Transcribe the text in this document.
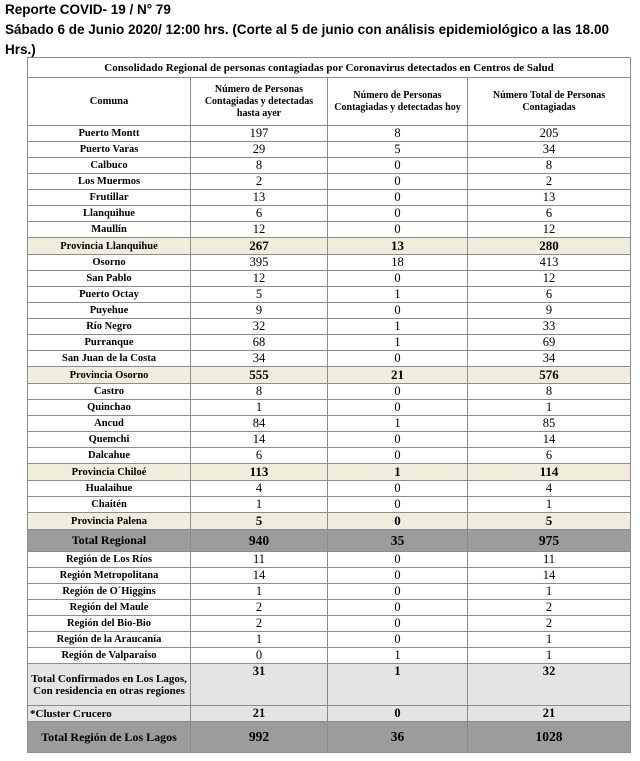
Reporte COVID- 19 / N° 79
Sábado 6 de Junio 2020/ 12:00 hrs. (Corte al 5 de junio con análisis epidemiológico a las 18.00 Hrs.)
Consolidado Regional de personas contagiadas por Coronavirus detectados en Centros de Salud			
Comuna	Número de Personas Contagiadas y detectadas hasta ayer	Número de Personas Contagiadas y detectadas hoy	Número Total de Personas Contagiadas
Puerto Montt	197	8	205
Puerto Varas	29	5	34
Calbuco	8	0	8
Los Muermos	2	0	2
Frutillar	13	0	13
Llanquihue	6	0	6
Maullín	12	0	12
Provincia Llanquihue	267	13	280
Osorno	395	18	413
San Pablo	12	0	12
Puerto Octay	5	1	6
Puyehue	9	0	9
Río Negro	32	1	33
Purranque	68	1	69
San Juan de la Costa	34	0	34
Provincia Osorno	555	21	576
Castro	8	0	8
Quinchao	1	0	1
Ancud	84	1	85
Quemchi	14	0	14
Dalcahue	6	0	6
Provincia Chiloé	113	1	114
Hualaihue	4	0	4
Chaitén	1	0	1
Provincia Palena	5	0	5
Total Regional	940	35	975
Región de Los Ríos	11	0	11
Región Metropolitana	14	0	14
Región de O´Higgins	1	0	1
Región del Maule	2	0	2
Región del Bio-Bio	2	0	2
Región de la Araucanía	1	0	1
Región de Valparaíso	0	1	1
Total Confirmados en Los Lagos, Con residencia en otras regiones	31	1	32
*Cluster Crucero	21	0	21
Total Región de Los Lagos	992	36	1028
